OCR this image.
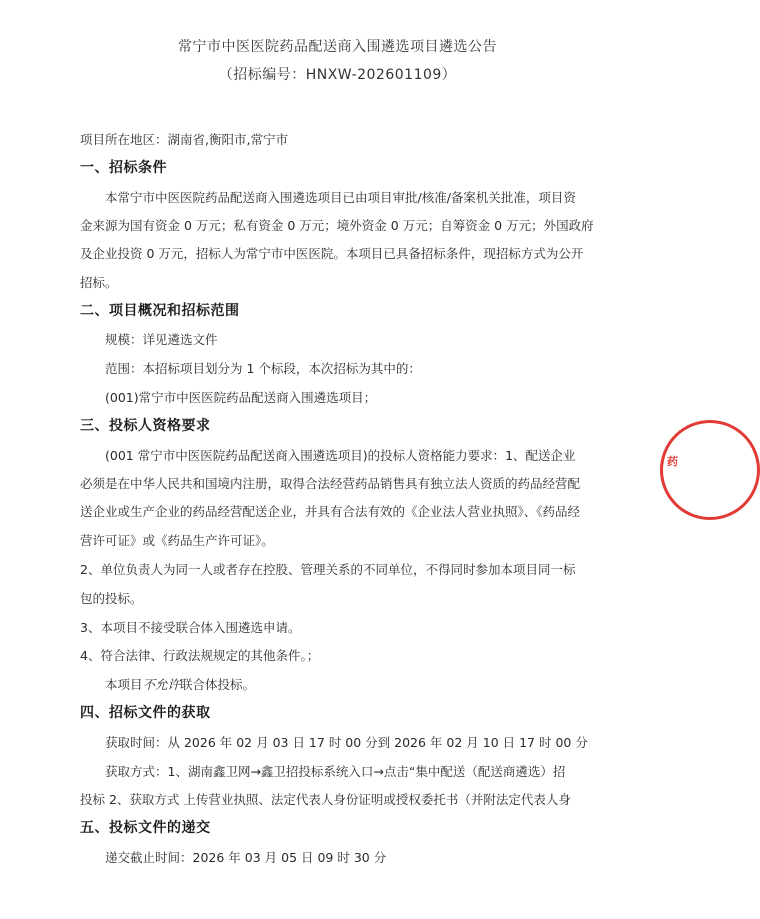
常宁市中医医院药品配送商入围遴选项目遴选公告
（招标编号：HNXW-202601109）
项目所在地区：湖南省,衡阳市,常宁市
一、招标条件
本常宁市中医医院药品配送商入围遴选项目已由项目审批/核准/备案机关批准，项目资
金来源为国有资金 0 万元；私有资金 0 万元；境外资金 0 万元；自筹资金 0 万元；外国政府
及企业投资 0 万元，招标人为常宁市中医医院。本项目已具备招标条件，现招标方式为公开
招标。
二、项目概况和招标范围
规模：详见遴选文件
范围：本招标项目划分为 1 个标段，本次招标为其中的：
(001)常宁市中医医院药品配送商入围遴选项目；
三、投标人资格要求
(001 常宁市中医医院药品配送商入围遴选项目)的投标人资格能力要求：1、配送企业
必须是在中华人民共和国境内注册，取得合法经营药品销售具有独立法人资质的药品经营配
送企业或生产企业的药品经营配送企业，并具有合法有效的《企业法人营业执照》、《药品经
营许可证》或《药品生产许可证》。
2、单位负责人为同一人或者存在控股、管理关系的不同单位，不得同时参加本项目同一标
包的投标。
3、本项目不接受联合体入围遴选申请。
4、符合法律、行政法规规定的其他条件。；
本项目不允许联合体投标。
四、招标文件的获取
获取时间：从 2026 年 02 月 03 日 17 时 00 分到 2026 年 02 月 10 日 17 时 00 分
获取方式：1、湖南鑫卫网→鑫卫招投标系统入口→点击“集中配送（配送商遴选）招
投标 2、获取方式 上传营业执照、法定代表人身份证明或授权委托书（并附法定代表人身
五、投标文件的递交
递交截止时间：2026 年 03 月 05 日 09 时 30 分
药
